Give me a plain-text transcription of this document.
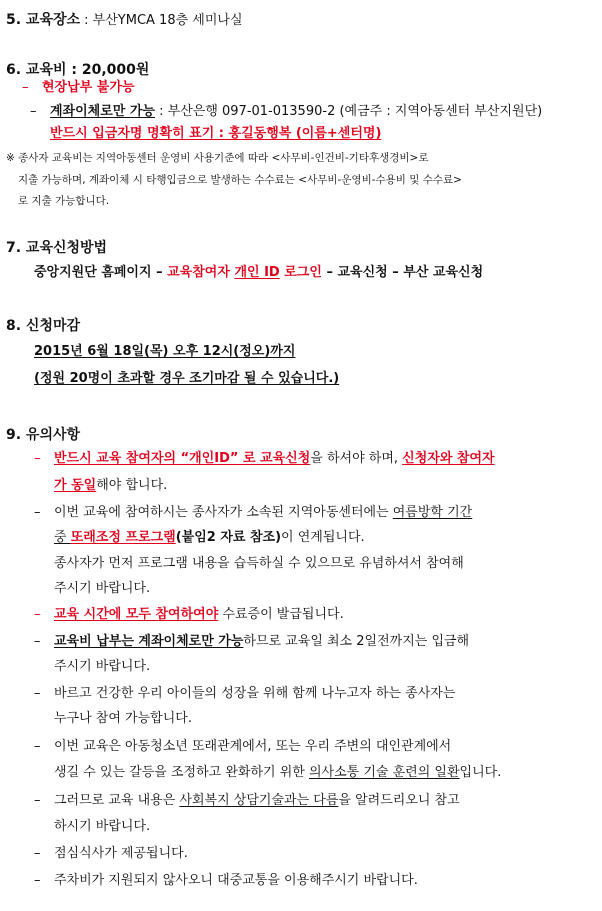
5. 교육장소 : 부산YMCA 18층 세미나실
6. 교육비 : 20,000원
– 현장납부 불가능
– 계좌이체로만 가능 : 부산은행 097-01-013590-2 (예금주 : 지역아동센터 부산지원단)
반드시 입금자명 명확히 표기 : 홍길동행복 (이름+센터명)
※ 종사자 교육비는 지역아동센터 운영비 사용기준에 따라 <사무비-인건비-기타후생경비>로
지출 가능하며, 계좌이체 시 타행입금으로 발생하는 수수료는 <사무비-운영비-수용비 및 수수료>
로 지출 가능합니다.
7. 교육신청방법
중앙지원단 홈페이지 – 교육참여자 개인 ID 로그인 – 교육신청 – 부산 교육신청
8. 신청마감
2015년 6월 18일(목) 오후 12시(정오)까지
(정원 20명이 초과할 경우 조기마감 될 수 있습니다.)
9. 유의사항
– 반드시 교육 참여자의 “개인ID” 로 교육신청을 하셔야 하며, 신청자와 참여자
가 동일해야 합니다.
– 이번 교육에 참여하시는 종사자가 소속된 지역아동센터에는 여름방학 기간
중 또래조정 프로그램(붙임2 자료 참조)이 연계됩니다.
종사자가 먼저 프로그램 내용을 습득하실 수 있으므로 유념하셔서 참여해
주시기 바랍니다.
– 교육 시간에 모두 참여하여야 수료증이 발급됩니다.
– 교육비 납부는 계좌이체로만 가능하므로 교육일 최소 2일전까지는 입금해
주시기 바랍니다.
– 바르고 건강한 우리 아이들의 성장을 위해 함께 나누고자 하는 종사자는
누구나 참여 가능합니다.
– 이번 교육은 아동청소년 또래관계에서, 또는 우리 주변의 대인관계에서
생길 수 있는 갈등을 조정하고 완화하기 위한 의사소통 기술 훈련의 일환입니다.
– 그러므로 교육 내용은 사회복지 상담기술과는 다름을 알려드리오니 참고
하시기 바랍니다.
– 점심식사가 제공됩니다.
– 주차비가 지원되지 않사오니 대중교통을 이용해주시기 바랍니다.
